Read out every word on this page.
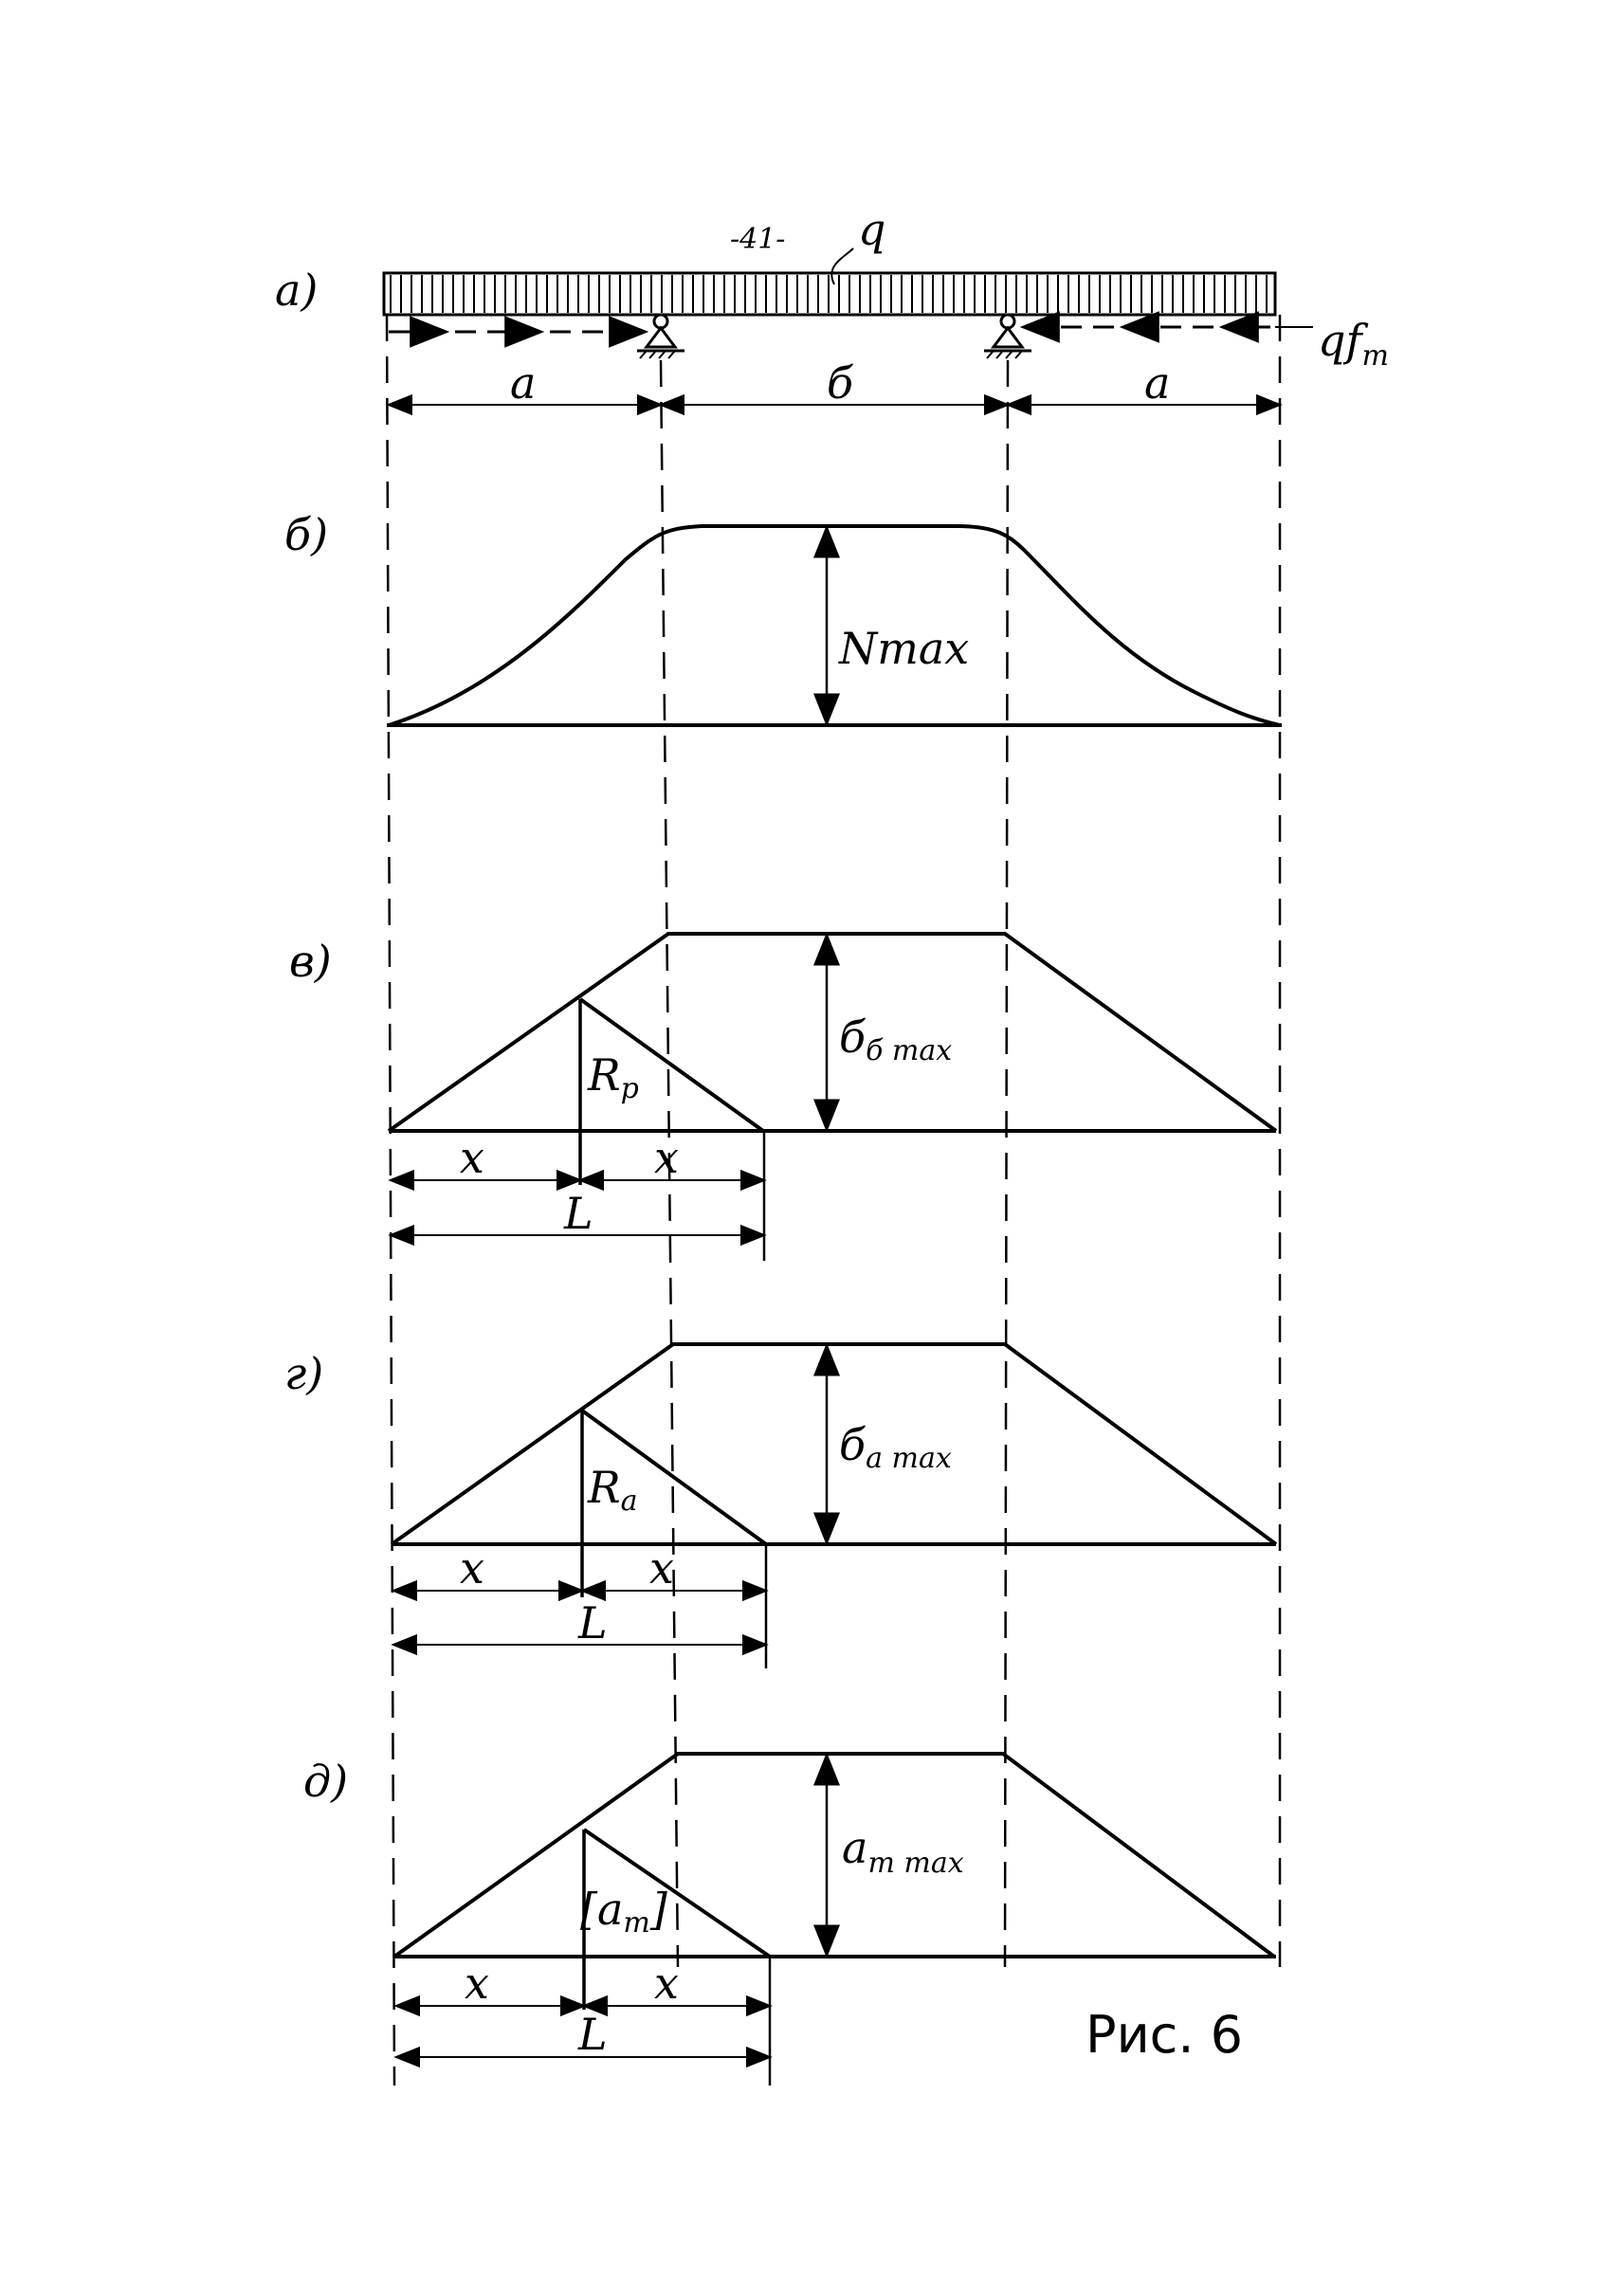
а)
-41- q
$qf_т$
a	б	a
б)
Nmax
в)
бб max
Rp
x	x
L
г)
бa max
Ra
x	x
L
д)
$a_{т max}$
[aт]
x	x
L	Рис. 6
